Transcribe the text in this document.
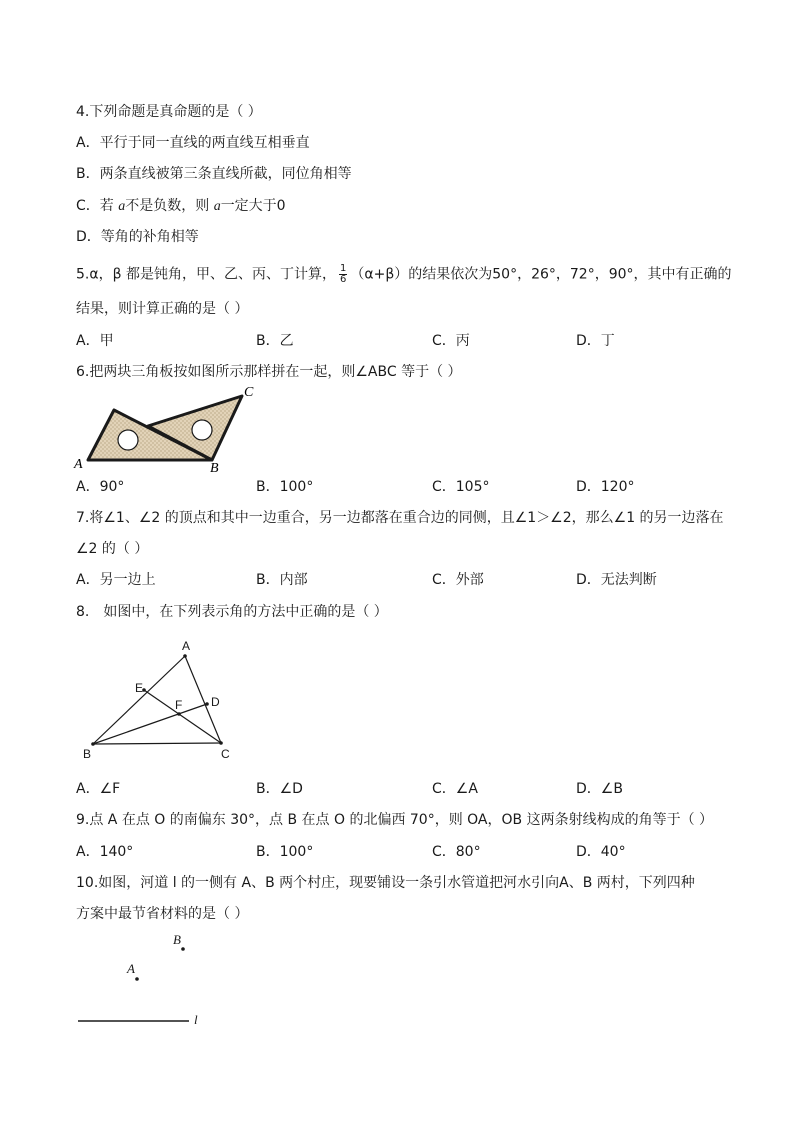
4.下列命题是真命题的是（ ）
A．平行于同一直线的两直线互相垂直
B．两条直线被第三条直线所截，同位角相等
C．若 a不是负数，则 a一定大于0
D．等角的补角相等
5.α，β 都是钝角，甲、乙、丙、丁计算， $\frac{1}{6} (\alpha+\beta)$的结果依次为50°，26°，72°，90°，其中有正确的
结果，则计算正确的是（ ）
A．甲	B．乙	C．丙	D．丁
6.把两块三角板按如图所示那样拼在一起，则∠ABC 等于（ ）
A	B
C
A．90°	B．100°	C．105°	D．120°
7.将∠1、∠2 的顶点和其中一边重合，另一边都落在重合边的同侧，且∠1＞∠2，那么∠1 的另一边落在
∠2 的（ ）
A．另一边上	B．内部	C．外部	D．无法判断
8.　如图中，在下列表示角的方法中正确的是（ ）
A
B	C
D
E
F
A．∠F	B．∠D	C．∠A	D．∠B
9.点 A 在点 O 的南偏东 30°，点 B 在点 O 的北偏西 70°，则 OA，OB 这两条射线构成的角等于（ ）
A．140°	B．100°	C．80°	D．40°
10.如图，河道 l 的一侧有 A、B 两个村庄，现要铺设一条引水管道把河水引向A、B 两村，下列四种
方案中最节省材料的是（ ）
B
A
l
